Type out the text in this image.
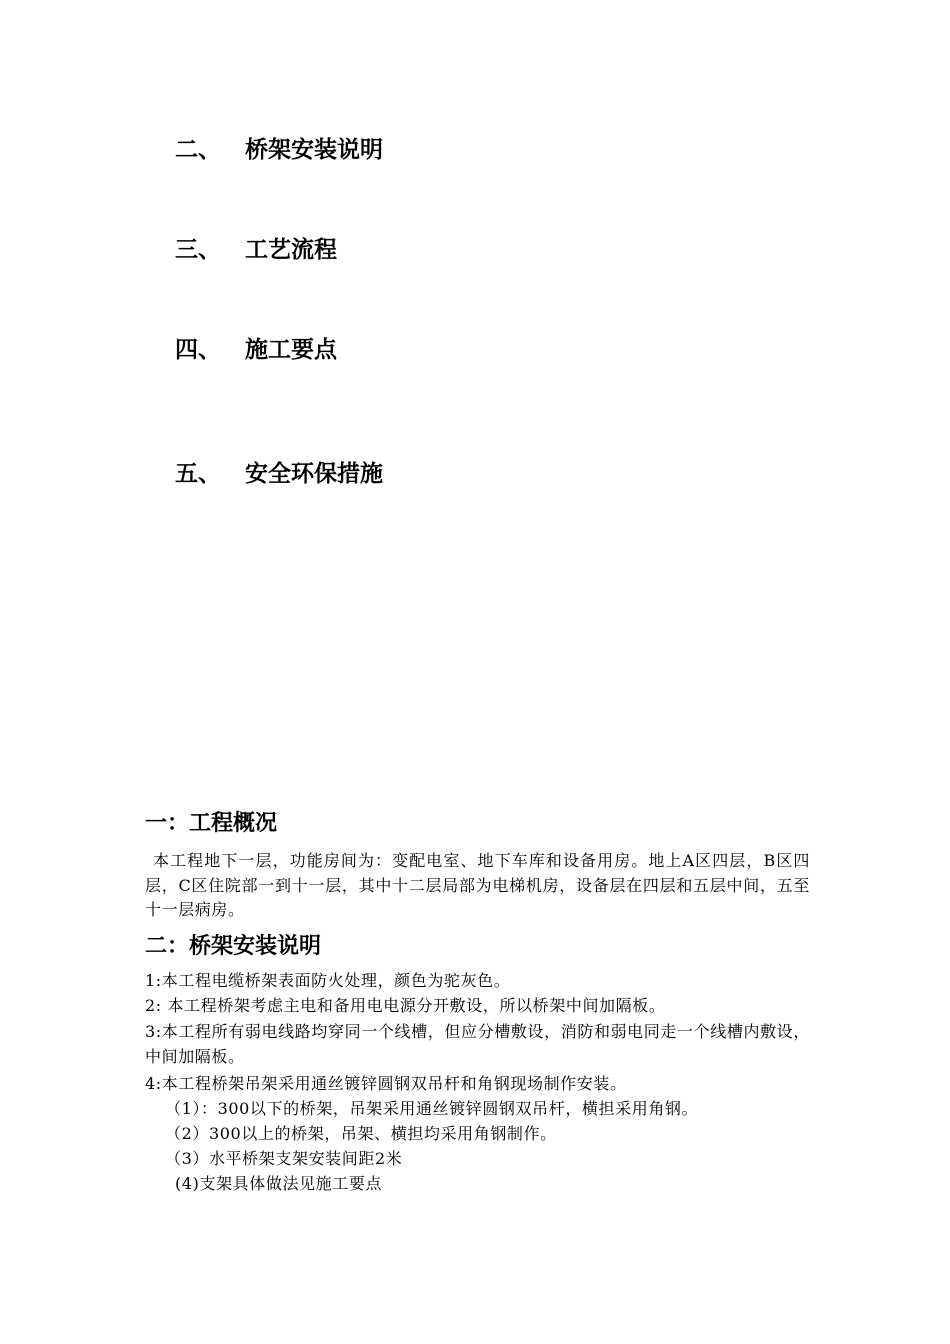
二、 桥架安装说明
三、 工艺流程
四、 施工要点
五、 安全环保措施
一：工程概况
本工程地下一层，功能房间为：变配电室、地下车库和设备用房。地上A区四层，B区四层，C区住院部一到十一层，其中十二层局部为电梯机房，设备层在四层和五层中间，五至十一层病房。
二：桥架安装说明
1:本工程电缆桥架表面防火处理，颜色为驼灰色。
2: 本工程桥架考虑主电和备用电电源分开敷设，所以桥架中间加隔板。
3:本工程所有弱电线路均穿同一个线槽，但应分槽敷设，消防和弱电同走一个线槽内敷设，中间加隔板。
4:本工程桥架吊架采用通丝镀锌圆钢双吊杆和角钢现场制作安装。
（1）：300以下的桥架，吊架采用通丝镀锌圆钢双吊杆，横担采用角钢。
（2）300以上的桥架，吊架、横担均采用角钢制作。
（3）水平桥架支架安装间距2米
(4)支架具体做法见施工要点
